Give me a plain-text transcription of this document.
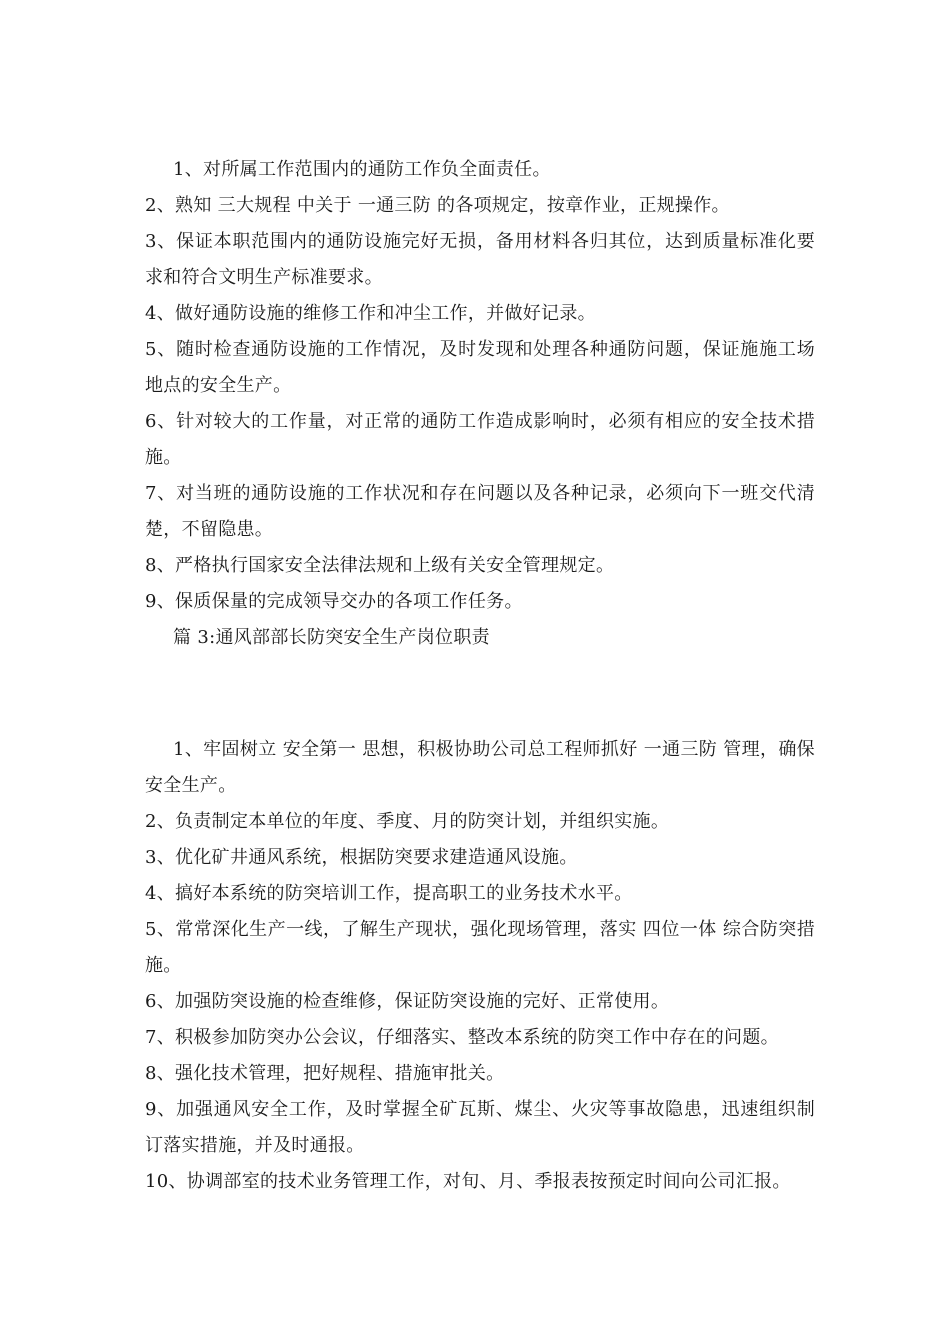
1、对所属工作范围内的通防工作负全面责任。

2、熟知 三大规程 中关于 一通三防 的各项规定，按章作业，正规操作。

3、保证本职范围内的通防设施完好无损，备用材料各归其位，达到质量标准化要求和符合文明生产标准要求。

4、做好通防设施的维修工作和冲尘工作，并做好记录。

5、随时检查通防设施的工作情况，及时发现和处理各种通防问题，保证施施工场地点的安全生产。

6、针对较大的工作量，对正常的通防工作造成影响时，必须有相应的安全技术措施。

7、对当班的通防设施的工作状况和存在问题以及各种记录，必须向下一班交代清楚，不留隐患。

8、严格执行国家安全法律法规和上级有关安全管理规定。

9、保质保量的完成领导交办的各项工作任务。

篇 3:通风部部长防突安全生产岗位职责

1、牢固树立 安全第一 思想，积极协助公司总工程师抓好 一通三防 管理，确保安全生产。

2、负责制定本单位的年度、季度、月的防突计划，并组织实施。

3、优化矿井通风系统，根据防突要求建造通风设施。

4、搞好本系统的防突培训工作，提高职工的业务技术水平。

5、常常深化生产一线，了解生产现状，强化现场管理，落实 四位一体 综合防突措施。

6、加强防突设施的检查维修，保证防突设施的完好、正常使用。

7、积极参加防突办公会议，仔细落实、整改本系统的防突工作中存在的问题。

8、强化技术管理，把好规程、措施审批关。

9、加强通风安全工作，及时掌握全矿瓦斯、煤尘、火灾等事故隐患，迅速组织制订落实措施，并及时通报。

10、协调部室的技术业务管理工作，对旬、月、季报表按预定时间向公司汇报。
